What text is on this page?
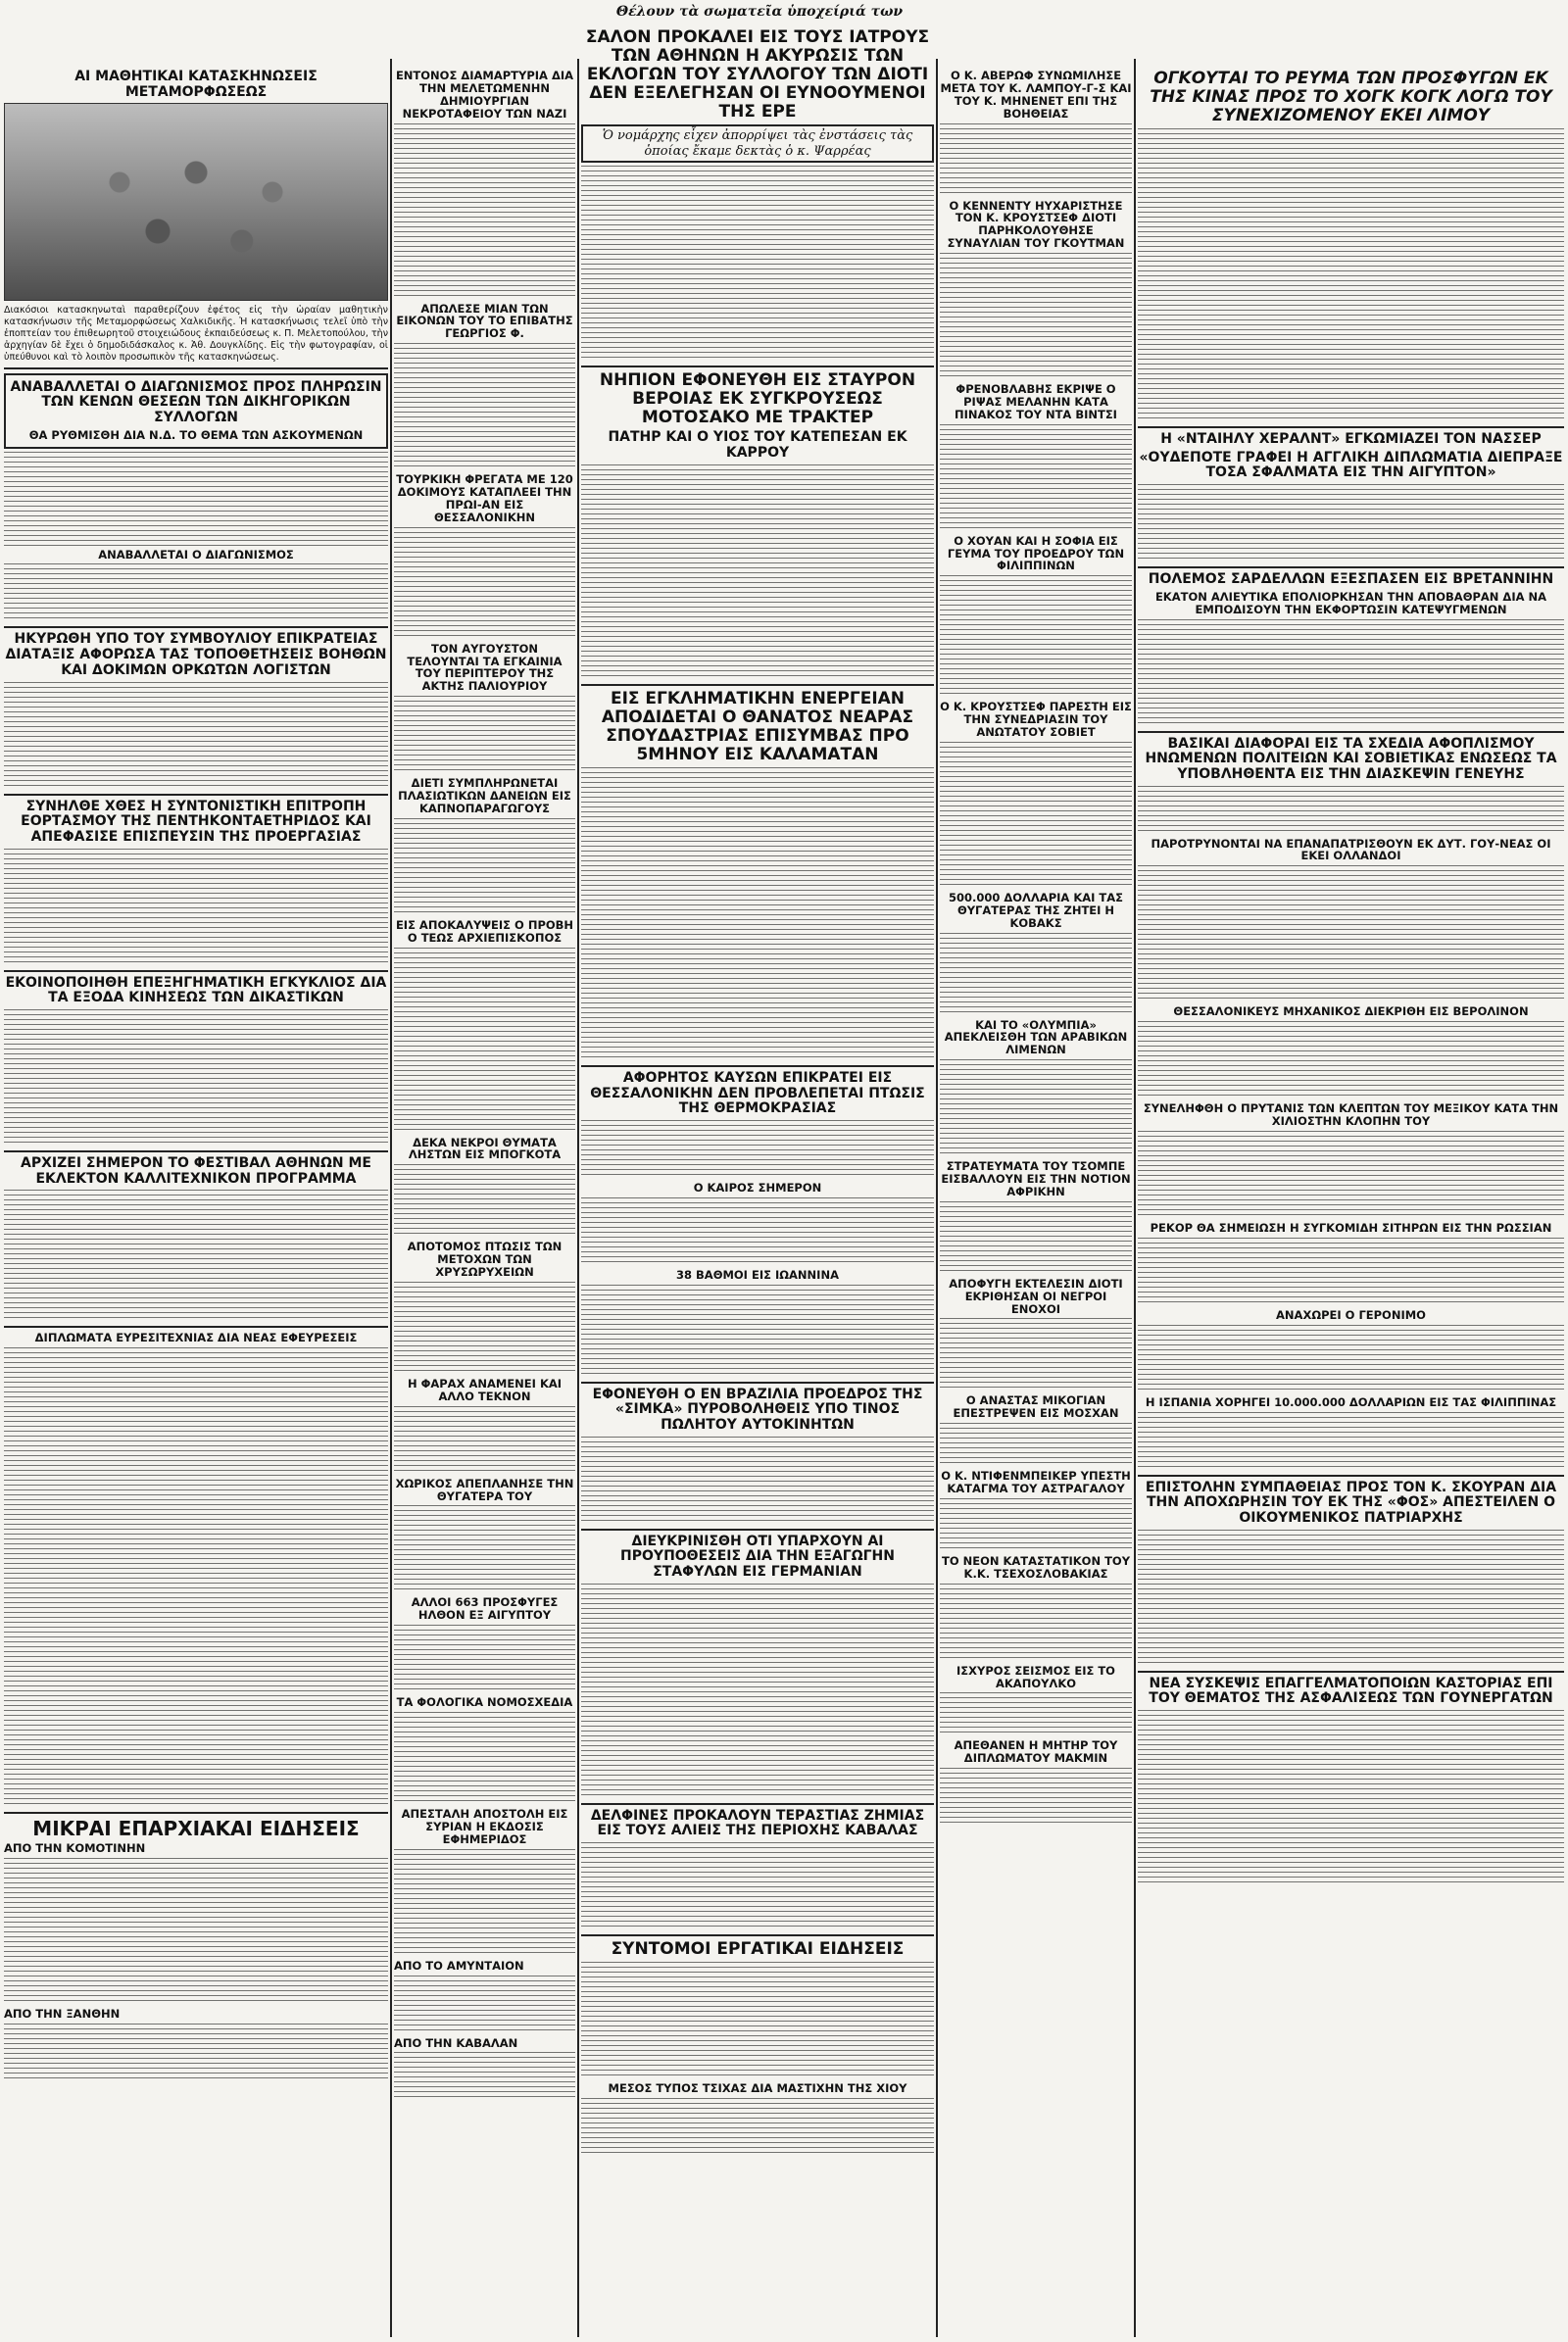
Θέλουν τὰ σωματεῖα ὑποχείριά των
ΑΙ ΜΑΘΗΤΙΚΑΙ ΚΑΤΑΣΚΗΝΩΣΕΙΣ ΜΕΤΑΜΟΡΦΩΣΕΩΣ
Διακόσιοι κατασκηνωταὶ παραθερίζουν ἐφέτος εἰς τὴν ὡραίαν μαθητικὴν κατασκήνωσιν τῆς Μεταμορφώσεως Χαλκιδικῆς. Ἡ κατασκήνωσις τελεῖ ὑπὸ τὴν ἐποπτείαν του ἐπιθεωρητοῦ στοιχειώδους ἐκπαιδεύσεως κ. Π. Μελετοπούλου, τὴν ἀρχηγίαν δὲ ἔχει ὁ δημοδιδάσκαλος κ. Ἀθ. Δουγκλίδης. Εἰς τὴν φωτογραφίαν, οἱ ὑπεύθυνοι καὶ τὸ λοιπὸν προσωπικὸν τῆς κατασκηνώσεως.
ΑΝΑΒΑΛΛΕΤΑΙ Ο ΔΙΑΓΩΝΙΣΜΟΣ ΠΡΟΣ ΠΛΗΡΩΣΙΝ ΤΩΝ ΚΕΝΩΝ ΘΕΣΕΩΝ ΤΩΝ ΔΙΚΗΓΟΡΙΚΩΝ ΣΥΛΛΟΓΩΝ
ΘΑ ΡΥΘΜΙΣΘΗ ΔΙΑ Ν.Δ. ΤΟ ΘΕΜΑ ΤΩΝ ΑΣΚΟΥΜΕΝΩΝ
ΑΝΑΒΑΛΛΕΤΑΙ Ο ΔΙΑΓΩΝΙΣΜΟΣ
ΗΚΥΡΩΘΗ ΥΠΟ ΤΟΥ ΣΥΜΒΟΥΛΙΟΥ ΕΠΙΚΡΑΤΕΙΑΣ ΔΙΑΤΑΞΙΣ ΑΦΟΡΩΣΑ ΤΑΣ ΤΟΠΟΘΕΤΗΣΕΙΣ ΒΟΗΘΩΝ ΚΑΙ ΔΟΚΙΜΩΝ ΟΡΚΩΤΩΝ ΛΟΓΙΣΤΩΝ
ΣΥΝΗΛΘΕ ΧΘΕΣ Η ΣΥΝΤΟΝΙΣΤΙΚΗ ΕΠΙΤΡΟΠΗ ΕΟΡΤΑΣΜΟΥ ΤΗΣ ΠΕΝΤΗΚΟΝΤΑΕΤΗΡΙΔΟΣ ΚΑΙ ΑΠΕΦΑΣΙΣΕ ΕΠΙΣΠΕΥΣΙΝ ΤΗΣ ΠΡΟΕΡΓΑΣΙΑΣ
ΕΚΟΙΝΟΠΟΙΗΘΗ ΕΠΕΞΗΓΗΜΑΤΙΚΗ ΕΓΚΥΚΛΙΟΣ ΔΙΑ ΤΑ ΕΞΟΔΑ ΚΙΝΗΣΕΩΣ ΤΩΝ ΔΙΚΑΣΤΙΚΩΝ
ΑΡΧΙΖΕΙ ΣΗΜΕΡΟΝ ΤΟ ΦΕΣΤΙΒΑΛ ΑΘΗΝΩΝ ΜΕ ΕΚΛΕΚΤΟΝ ΚΑΛΛΙΤΕΧΝΙΚΟΝ ΠΡΟΓΡΑΜΜΑ
ΔΙΠΛΩΜΑΤΑ ΕΥΡΕΣΙΤΕΧΝΙΑΣ ΔΙΑ ΝΕΑΣ ΕΦΕΥΡΕΣΕΙΣ
ΜΙΚΡΑΙ ΕΠΑΡΧΙΑΚΑΙ ΕΙΔΗΣΕΙΣ
ΑΠΟ ΤΗΝ ΚΟΜΟΤΙΝΗΝ
ΑΠΟ ΤΗΝ ΞΑΝΘΗΝ
ΕΝΤΟΝΟΣ ΔΙΑΜΑΡΤΥΡΙΑ ΔΙΑ ΤΗΝ ΜΕΛΕΤΩΜΕΝΗΝ ΔΗΜΙΟΥΡΓΙΑΝ ΝΕΚΡΟΤΑΦΕΙΟΥ ΤΩΝ ΝΑΖΙ
ΑΠΩΛΕΣΕ ΜΙΑΝ ΤΩΝ ΕΙΚΟΝΩΝ ΤΟΥ ΤΟ ΕΠΙΒΑΤΗΣ ΓΕΩΡΓΙΟΣ Φ.
ΤΟΥΡΚΙΚΗ ΦΡΕΓΑΤΑ ΜΕ 120 ΔΟΚΙΜΟΥΣ ΚΑΤΑΠΛΕΕΙ ΤΗΝ ΠΡΩΙ-ΑΝ ΕΙΣ ΘΕΣΣΑΛΟΝΙΚΗΝ
ΤΟΝ ΑΥΓΟΥΣΤΟΝ ΤΕΛΟΥΝΤΑΙ ΤΑ ΕΓΚΑΙΝΙΑ ΤΟΥ ΠΕΡΙΠΤΕΡΟΥ ΤΗΣ ΑΚΤΗΣ ΠΑΛΙΟΥΡΙΟΥ
ΔΙΕΤΙ ΣΥΜΠΛΗΡΩΝΕΤΑΙ ΠΛΑΣΙΩΤΙΚΩΝ ΔΑΝΕΙΩΝ ΕΙΣ ΚΑΠΝΟΠΑΡΑΓΩΓΟΥΣ
ΕΙΣ ΑΠΟΚΑΛΥΨΕΙΣ Ο ΠΡΟΒΗ Ο ΤΕΩΣ ΑΡΧΙΕΠΙΣΚΟΠΟΣ
ΔΕΚΑ ΝΕΚΡΟΙ ΘΥΜΑΤΑ ΛΗΣΤΩΝ ΕΙΣ ΜΠΟΓΚΟΤΑ
ΑΠΟΤΟΜΟΣ ΠΤΩΣΙΣ ΤΩΝ ΜΕΤΟΧΩΝ ΤΩΝ ΧΡΥΣΩΡΥΧΕΙΩΝ
Η ΦΑΡΑΧ ΑΝΑΜΕΝΕΙ ΚΑΙ ΑΛΛΟ ΤΕΚΝΟΝ
ΧΩΡΙΚΟΣ ΑΠΕΠΛΑΝΗΣΕ ΤΗΝ ΘΥΓΑΤΕΡΑ ΤΟΥ
ΑΛΛΟΙ 663 ΠΡΟΣΦΥΓΕΣ ΗΛΘΟΝ ΕΞ ΑΙΓΥΠΤΟΥ
ΤΑ ΦΟΛΟΓΙΚΑ ΝΟΜΟΣΧΕΔΙΑ
ΑΠΕΣΤΑΛΗ ΑΠΟΣΤΟΛΗ ΕΙΣ ΣΥΡΙΑΝ Η ΕΚΔΟΣΙΣ ΕΦΗΜΕΡΙΔΟΣ
ΑΠΟ ΤΟ ΑΜΥΝΤΑΙΟΝ
ΑΠΟ ΤΗΝ ΚΑΒΑΛΑΝ
ΣΑΛΟΝ ΠΡΟΚΑΛΕΙ ΕΙΣ ΤΟΥΣ ΙΑΤΡΟΥΣ ΤΩΝ ΑΘΗΝΩΝ Η ΑΚΥΡΩΣΙΣ ΤΩΝ ΕΚΛΟΓΩΝ ΤΟΥ ΣΥΛΛΟΓΟΥ ΤΩΝ ΔΙΟΤΙ ΔΕΝ ΕΞΕΛΕΓΗΣΑΝ ΟΙ ΕΥΝΟΟΥΜΕΝΟΙ ΤΗΣ ΕΡΕ
Ὁ νομάρχης εἶχεν ἀπορρίψει τὰς ἐνστάσεις τὰς ὁποίας ἔκαμε δεκτὰς ὁ κ. Ψαρρέας
ΝΗΠΙΟΝ ΕΦΟΝΕΥΘΗ ΕΙΣ ΣΤΑΥΡΟΝ ΒΕΡΟΙΑΣ ΕΚ ΣΥΓΚΡΟΥΣΕΩΣ ΜΟΤΟΣΑΚΟ ΜΕ ΤΡΑΚΤΕΡ
ΠΑΤΗΡ ΚΑΙ Ο ΥΙΟΣ ΤΟΥ ΚΑΤΕΠΕΣΑΝ ΕΚ ΚΑΡΡΟΥ
ΕΙΣ ΕΓΚΛΗΜΑΤΙΚΗΝ ΕΝΕΡΓΕΙΑΝ ΑΠΟΔΙΔΕΤΑΙ Ο ΘΑΝΑΤΟΣ ΝΕΑΡΑΣ ΣΠΟΥΔΑΣΤΡΙΑΣ ΕΠΙΣΥΜΒΑΣ ΠΡΟ 5ΜΗΝΟΥ ΕΙΣ ΚΑΛΑΜΑΤΑΝ
ΑΦΟΡΗΤΟΣ ΚΑΥΣΩΝ ΕΠΙΚΡΑΤΕΙ ΕΙΣ ΘΕΣΣΑΛΟΝΙΚΗΝ ΔΕΝ ΠΡΟΒΛΕΠΕΤΑΙ ΠΤΩΣΙΣ ΤΗΣ ΘΕΡΜΟΚΡΑΣΙΑΣ
Ο ΚΑΙΡΟΣ ΣΗΜΕΡΟΝ
38 ΒΑΘΜΟΙ ΕΙΣ ΙΩΑΝΝΙΝΑ
ΕΦΟΝΕΥΘΗ Ο ΕΝ ΒΡΑΖΙΛΙΑ ΠΡΟΕΔΡΟΣ ΤΗΣ «ΣΙΜΚΑ» ΠΥΡΟΒΟΛΗΘΕΙΣ ΥΠΟ ΤΙΝΟΣ ΠΩΛΗΤΟΥ ΑΥΤΟΚΙΝΗΤΩΝ
ΔΙΕΥΚΡΙΝΙΣΘΗ ΟΤΙ ΥΠΑΡΧΟΥΝ ΑΙ ΠΡΟΥΠΟΘΕΣΕΙΣ ΔΙΑ ΤΗΝ ΕΞΑΓΩΓΗΝ ΣΤΑΦΥΛΩΝ ΕΙΣ ΓΕΡΜΑΝΙΑΝ
ΔΕΛΦΙΝΕΣ ΠΡΟΚΑΛΟΥΝ ΤΕΡΑΣΤΙΑΣ ΖΗΜΙΑΣ ΕΙΣ ΤΟΥΣ ΑΛΙΕΙΣ ΤΗΣ ΠΕΡΙΟΧΗΣ ΚΑΒΑΛΑΣ
ΣΥΝΤΟΜΟΙ ΕΡΓΑΤΙΚΑΙ ΕΙΔΗΣΕΙΣ
ΜΕΣΟΣ ΤΥΠΟΣ ΤΣΙΧΑΣ ΔΙΑ ΜΑΣΤΙΧΗΝ ΤΗΣ ΧΙΟΥ
Ο Κ. ΑΒΕΡΩΦ ΣΥΝΩΜΙΛΗΣΕ ΜΕΤΑ ΤΟΥ Κ. ΛΑΜΠΟΥ-Γ-Σ ΚΑΙ ΤΟΥ Κ. ΜΗΝΕΝΕΤ ΕΠΙ ΤΗΣ ΒΟΗΘΕΙΑΣ
Ο ΚΕΝΝΕΝΤΥ ΗΥΧΑΡΙΣΤΗΣΕ ΤΟΝ Κ. ΚΡΟΥΣΤΣΕΦ ΔΙΟΤΙ ΠΑΡΗΚΟΛΟΥΘΗΣΕ ΣΥΝΑΥΛΙΑΝ ΤΟΥ ΓΚΟΥΤΜΑΝ
ΦΡΕΝΟΒΛΑΒΗΣ ΕΚΡΙΨΕ Ο ΡΙΨΑΣ ΜΕΛΑΝΗΝ ΚΑΤΑ ΠΙΝΑΚΟΣ ΤΟΥ ΝΤΑ ΒΙΝΤΣΙ
Ο ΧΟΥΑΝ ΚΑΙ Η ΣΟΦΙΑ ΕΙΣ ΓΕΥΜΑ ΤΟΥ ΠΡΟΕΔΡΟΥ ΤΩΝ ΦΙΛΙΠΠΙΝΩΝ
Ο Κ. ΚΡΟΥΣΤΣΕΦ ΠΑΡΕΣΤΗ ΕΙΣ ΤΗΝ ΣΥΝΕΔΡΙΑΣΙΝ ΤΟΥ ΑΝΩΤΑΤΟΥ ΣΟΒΙΕΤ
500.000 ΔΟΛΛΑΡΙΑ ΚΑΙ ΤΑΣ ΘΥΓΑΤΕΡΑΣ ΤΗΣ ΖΗΤΕΙ Η ΚΟΒΑΚΣ
ΚΑΙ ΤΟ «ΟΛΥΜΠΙΑ» ΑΠΕΚΛΕΙΣΘΗ ΤΩΝ ΑΡΑΒΙΚΩΝ ΛΙΜΕΝΩΝ
ΣΤΡΑΤΕΥΜΑΤΑ ΤΟΥ ΤΣΟΜΠΕ ΕΙΣΒΑΛΛΟΥΝ ΕΙΣ ΤΗΝ ΝΟΤΙΟΝ ΑΦΡΙΚΗΝ
ΑΠΟΦΥΓΗ ΕΚΤΕΛΕΣΙΝ ΔΙΟΤΙ ΕΚΡΙΘΗΣΑΝ ΟΙ ΝΕΓΡΟΙ ΕΝΟΧΟΙ
Ο ΑΝΑΣΤΑΣ ΜΙΚΟΓΙΑΝ ΕΠΕΣΤΡΕΨΕΝ ΕΙΣ ΜΟΣΧΑΝ
Ο Κ. ΝΤΙΦΕΝΜΠΕΙΚΕΡ ΥΠΕΣΤΗ ΚΑΤΑΓΜΑ ΤΟΥ ΑΣΤΡΑΓΑΛΟΥ
ΤΟ ΝΕΟΝ ΚΑΤΑΣΤΑΤΙΚΟΝ ΤΟΥ Κ.Κ. ΤΣΕΧΟΣΛΟΒΑΚΙΑΣ
ΙΣΧΥΡΟΣ ΣΕΙΣΜΟΣ ΕΙΣ ΤΟ ΑΚΑΠΟΥΛΚΟ
ΑΠΕΘΑΝΕΝ Η ΜΗΤΗΡ ΤΟΥ ΔΙΠΛΩΜΑΤΟΥ ΜΑΚΜΙΝ
ΟΓΚΟΥΤΑΙ ΤΟ ΡΕΥΜΑ ΤΩΝ ΠΡΟΣΦΥΓΩΝ ΕΚ ΤΗΣ ΚΙΝΑΣ ΠΡΟΣ ΤΟ ΧΟΓΚ ΚΟΓΚ ΛΟΓΩ ΤΟΥ ΣΥΝΕΧΙΖΟΜΕΝΟΥ ΕΚΕΙ ΛΙΜΟΥ
Η «ΝΤΑΙΗΛΥ ΧΕΡΑΛΝΤ» ΕΓΚΩΜΙΑΖΕΙ ΤΟΝ ΝΑΣΣΕΡ
«ΟΥΔΕΠΟΤΕ ΓΡΑΦΕΙ Η ΑΓΓΛΙΚΗ ΔΙΠΛΩΜΑΤΙΑ ΔΙΕΠΡΑΞΕ ΤΟΣΑ ΣΦΑΛΜΑΤΑ ΕΙΣ ΤΗΝ ΑΙΓΥΠΤΟΝ»
ΠΟΛΕΜΟΣ ΣΑΡΔΕΛΛΩΝ ΕΞΕΣΠΑΣΕΝ ΕΙΣ ΒΡΕΤΑΝΝΙΗΝ
ΕΚΑΤΟΝ ΑΛΙΕΥΤΙΚΑ ΕΠΟΛΙΟΡΚΗΣΑΝ ΤΗΝ ΑΠΟΒΑΘΡΑΝ ΔΙΑ ΝΑ ΕΜΠΟΔΙΣΟΥΝ ΤΗΝ ΕΚΦΟΡΤΩΣΙΝ ΚΑΤΕΨΥΓΜΕΝΩΝ
ΒΑΣΙΚΑΙ ΔΙΑΦΟΡΑΙ ΕΙΣ ΤΑ ΣΧΕΔΙΑ ΑΦΟΠΛΙΣΜΟΥ ΗΝΩΜΕΝΩΝ ΠΟΛΙΤΕΙΩΝ ΚΑΙ ΣΟΒΙΕΤΙΚΑΣ ΕΝΩΣΕΩΣ ΤΑ ΥΠΟΒΛΗΘΕΝΤΑ ΕΙΣ ΤΗΝ ΔΙΑΣΚΕΨΙΝ ΓΕΝΕΥΗΣ
ΠΑΡΟΤΡΥΝΟΝΤΑΙ ΝΑ ΕΠΑΝΑΠΑΤΡΙΣΘΟΥΝ ΕΚ ΔΥΤ. ΓΟΥ-ΝΕΑΣ ΟΙ ΕΚΕΙ ΟΛΛΑΝΔΟΙ
ΘΕΣΣΑΛΟΝΙΚΕΥΣ ΜΗΧΑΝΙΚΟΣ ΔΙΕΚΡΙΘΗ ΕΙΣ ΒΕΡΟΛΙΝΟΝ
ΣΥΝΕΛΗΦΘΗ Ο ΠΡΥΤΑΝΙΣ ΤΩΝ ΚΛΕΠΤΩΝ ΤΟΥ ΜΕΞΙΚΟΥ ΚΑΤΑ ΤΗΝ ΧΙΛΙΟΣΤΗΝ ΚΛΟΠΗΝ ΤΟΥ
ΡΕΚΟΡ ΘΑ ΣΗΜΕΙΩΣΗ Η ΣΥΓΚΟΜΙΔΗ ΣΙΤΗΡΩΝ ΕΙΣ ΤΗΝ ΡΩΣΣΙΑΝ
ΑΝΑΧΩΡΕΙ Ο ΓΕΡΟΝΙΜΟ
Η ΙΣΠΑΝΙΑ ΧΟΡΗΓΕΙ 10.000.000 ΔΟΛΛΑΡΙΩΝ ΕΙΣ ΤΑΣ ΦΙΛΙΠΠΙΝΑΣ
ΕΠΙΣΤΟΛΗΝ ΣΥΜΠΑΘΕΙΑΣ ΠΡΟΣ ΤΟΝ Κ. ΣΚΟΥΡΑΝ ΔΙΑ ΤΗΝ ΑΠΟΧΩΡΗΣΙΝ ΤΟΥ ΕΚ ΤΗΣ «ΦΟΣ» ΑΠΕΣΤΕΙΛΕΝ Ο ΟΙΚΟΥΜΕΝΙΚΟΣ ΠΑΤΡΙΑΡΧΗΣ
ΝΕΑ ΣΥΣΚΕΨΙΣ ΕΠΑΓΓΕΛΜΑΤΟΠΟΙΩΝ ΚΑΣΤΟΡΙΑΣ ΕΠΙ ΤΟΥ ΘΕΜΑΤΟΣ ΤΗΣ ΑΣΦΑΛΙΣΕΩΣ ΤΩΝ ΓΟΥΝΕΡΓΑΤΩΝ
